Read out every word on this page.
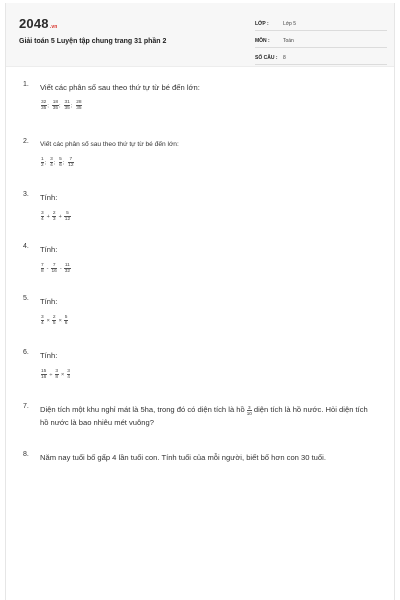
2048.vn
Giải toán 5 Luyện tập chung trang 31 phần 2
LỚP :	Lớp 5
MÔN :	Toán
SỐ CÂU :	8
1. Viết các phân số sau theo thứ tự từ bé đến lớn:
$\frac{32}{35}$ ; $\frac{18}{35}$ ; $\frac{31}{35}$ ; $\frac{28}{35}$
2. Viết các phân số sau theo thứ tự từ bé đến lớn:
$\frac{1}{2}$ ; $\frac{3}{4}$ ; $\frac{5}{6}$ ; $\frac{7}{12}$
3. Tính:
$\frac{3}{4} + \frac{2}{3} + \frac{5}{12}$
4. Tính:
$\frac{7}{8} - \frac{7}{16} - \frac{11}{32}$
5. Tính:
$\frac{3}{4} \times \frac{2}{5} \times \frac{5}{6}$
6. Tính:
$\frac{15}{16} \div \frac{3}{8} \times \frac{3}{4}$
7. Diện tích một khu nghỉ mát là 5ha, trong đó có diện tích là hồ $\frac{3}{10}$ diện tích là hồ nước. Hỏi diện tích hồ nước là bao nhiêu mét vuông?
8. Năm nay tuổi bố gấp 4 lần tuổi con. Tính tuổi của mỗi người, biết bố hơn con 30 tuổi.
